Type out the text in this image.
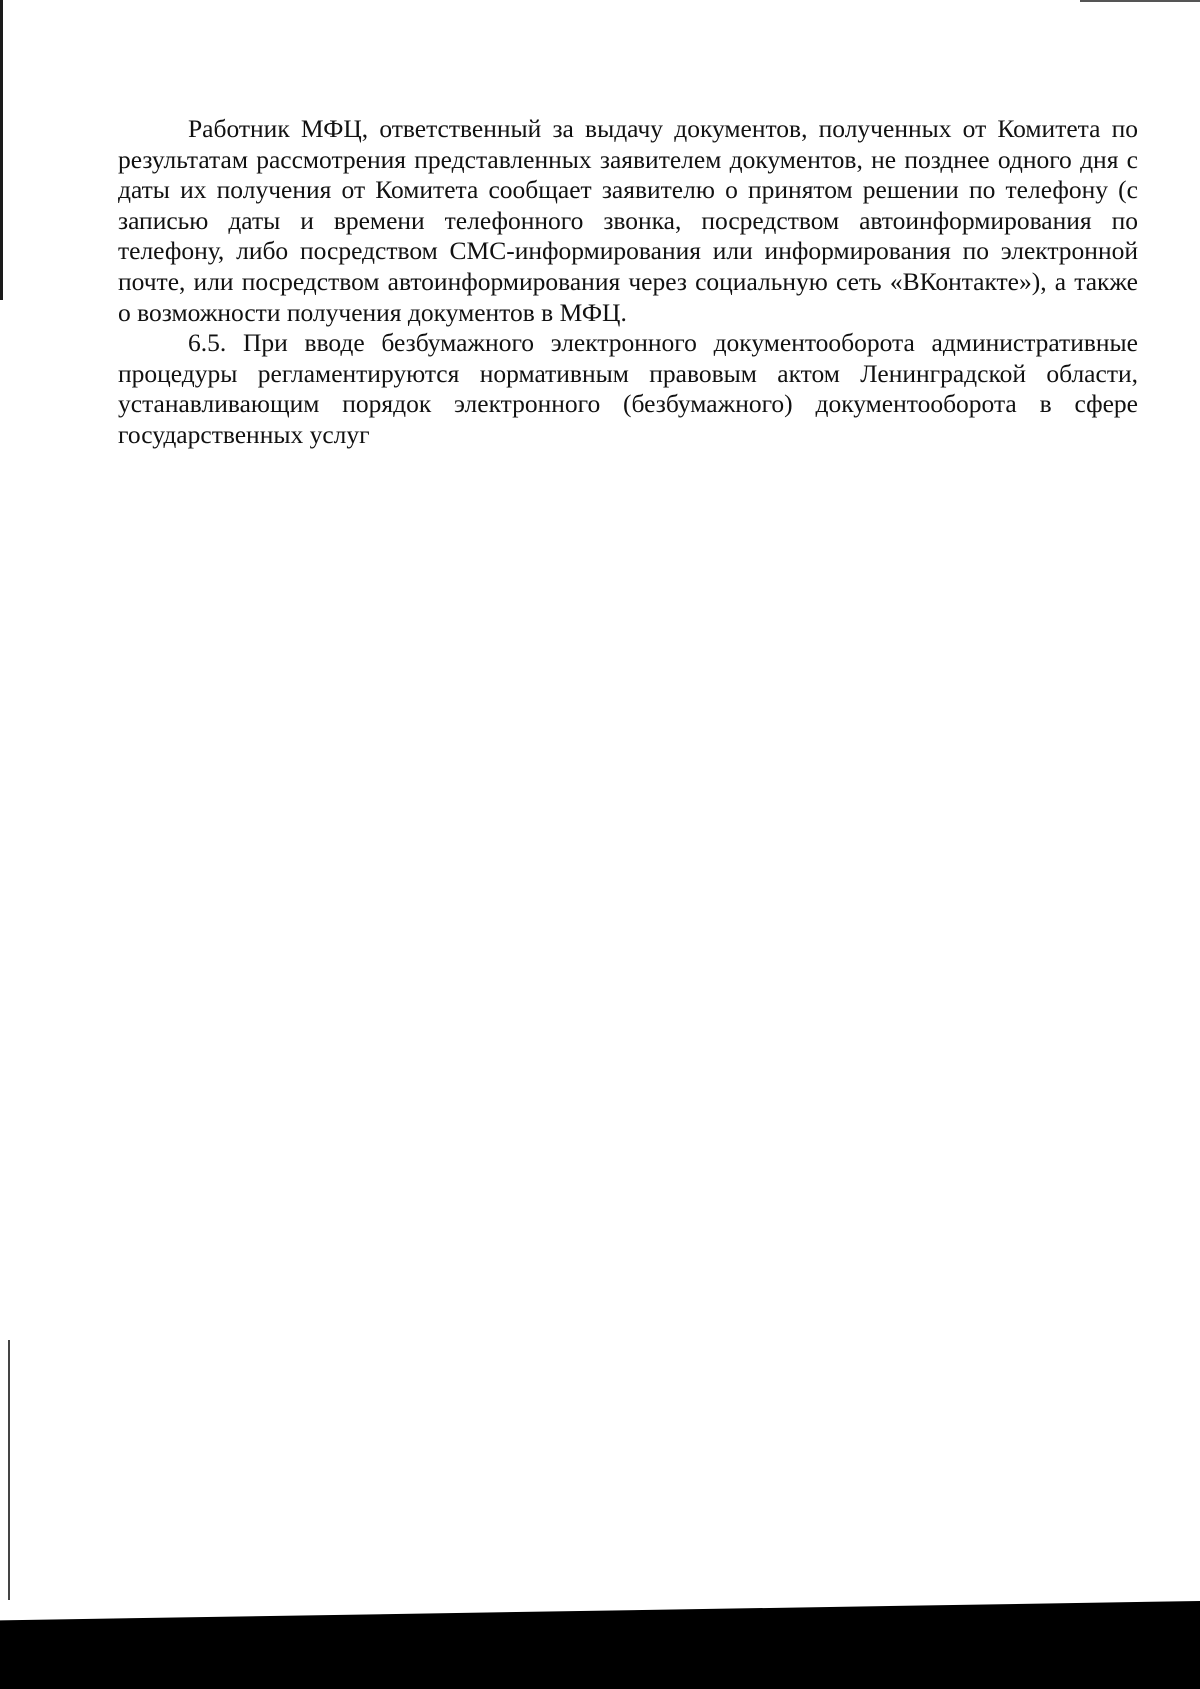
Работник МФЦ, ответственный за выдачу документов, полученных от Комитета по результатам рассмотрения представленных заявителем документов, не позднее одного дня с даты их получения от Комитета сообщает заявителю о принятом решении по телефону (с записью даты и времени телефонного звонка, посредством автоинформирования по телефону, либо посредством СМС-информирования или информирования по электронной почте, или посредством автоинформирования через социальную сеть «ВКонтакте»), а также о возможности получения документов в МФЦ.

6.5. При вводе безбумажного электронного документооборота административные процедуры регламентируются нормативным правовым актом Ленинградской области, устанавливающим порядок электронного (безбумажного) документооборота в сфере государственных услуг
